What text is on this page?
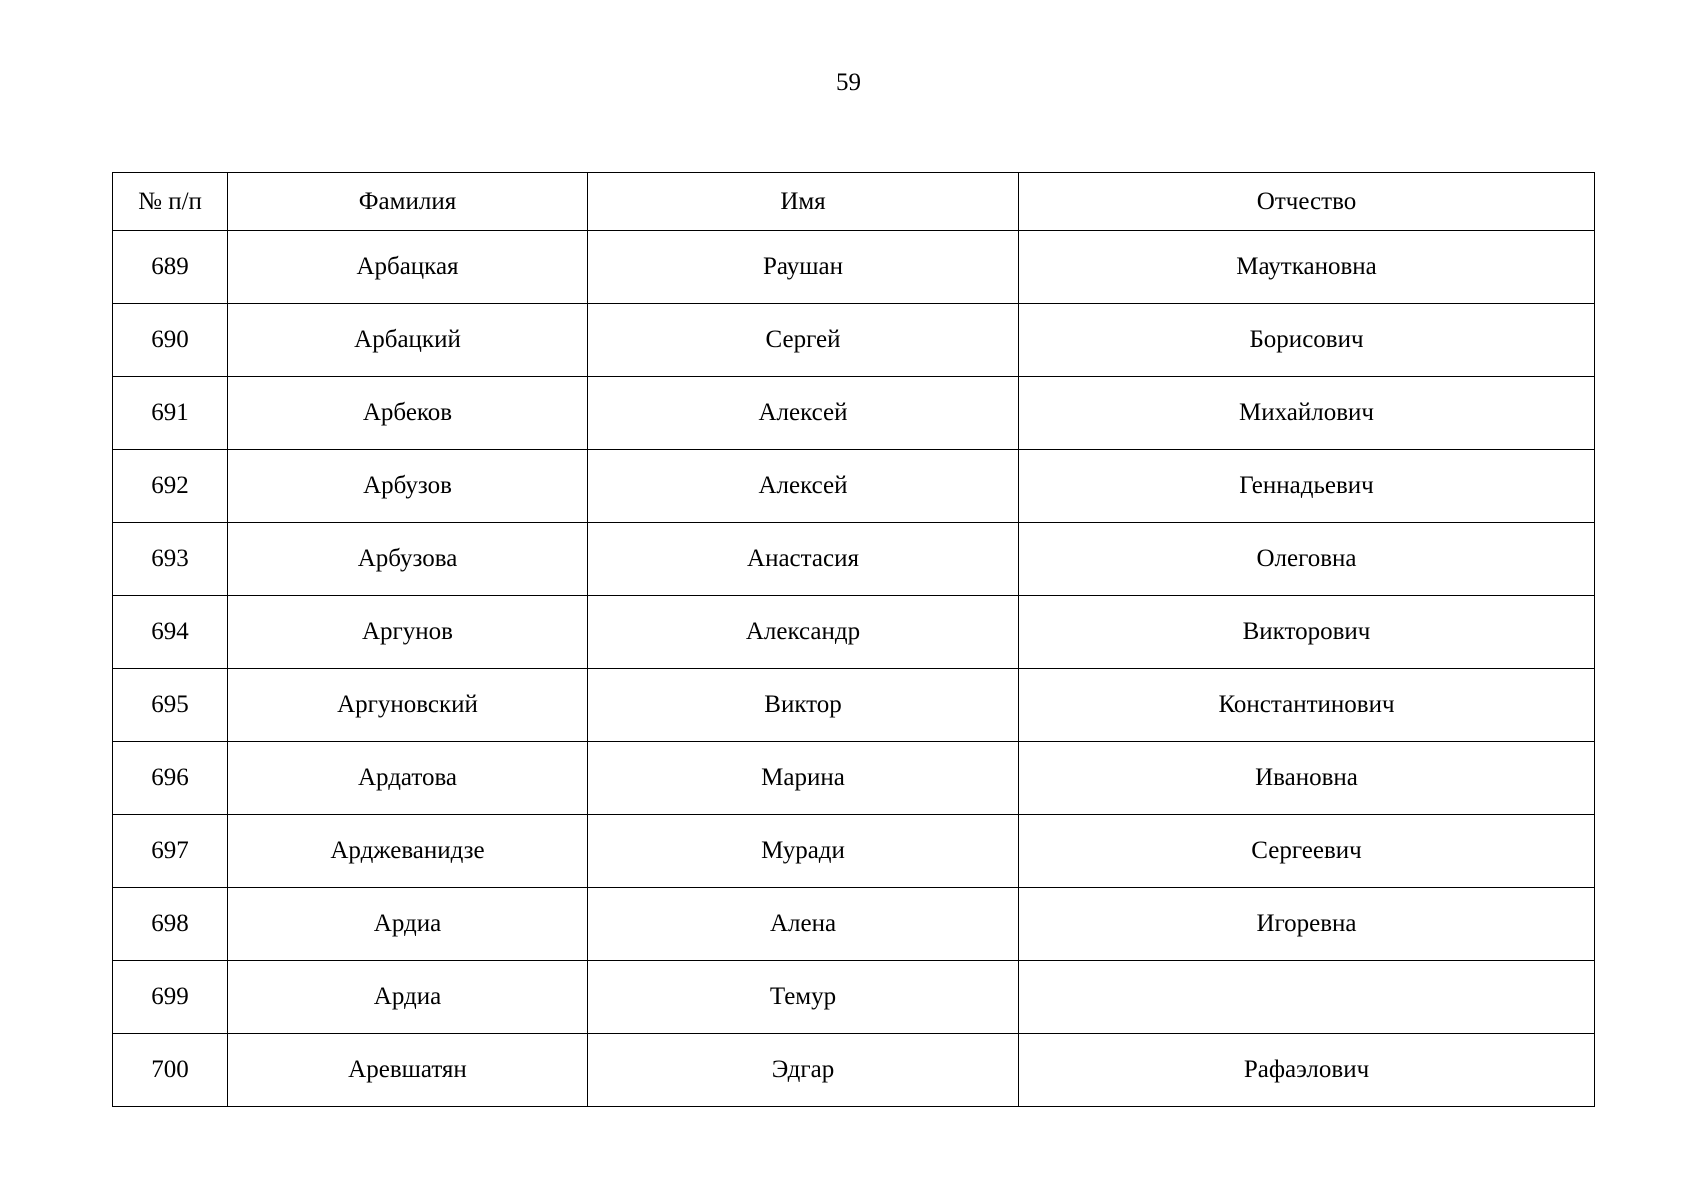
59
№ п/п	Фамилия	Имя	Отчество
689	Арбацкая	Раушан	Мауткановна
690	Арбацкий	Сергей	Борисович
691	Арбеков	Алексей	Михайлович
692	Арбузов	Алексей	Геннадьевич
693	Арбузова	Анастасия	Олеговна
694	Аргунов	Александр	Викторович
695	Аргуновский	Виктор	Константинович
696	Ардатова	Марина	Ивановна
697	Арджеванидзе	Муради	Сергеевич
698	Ардиа	Алена	Игоревна
699	Ардиа	Темур	
700	Аревшатян	Эдгар	Рафаэлович
